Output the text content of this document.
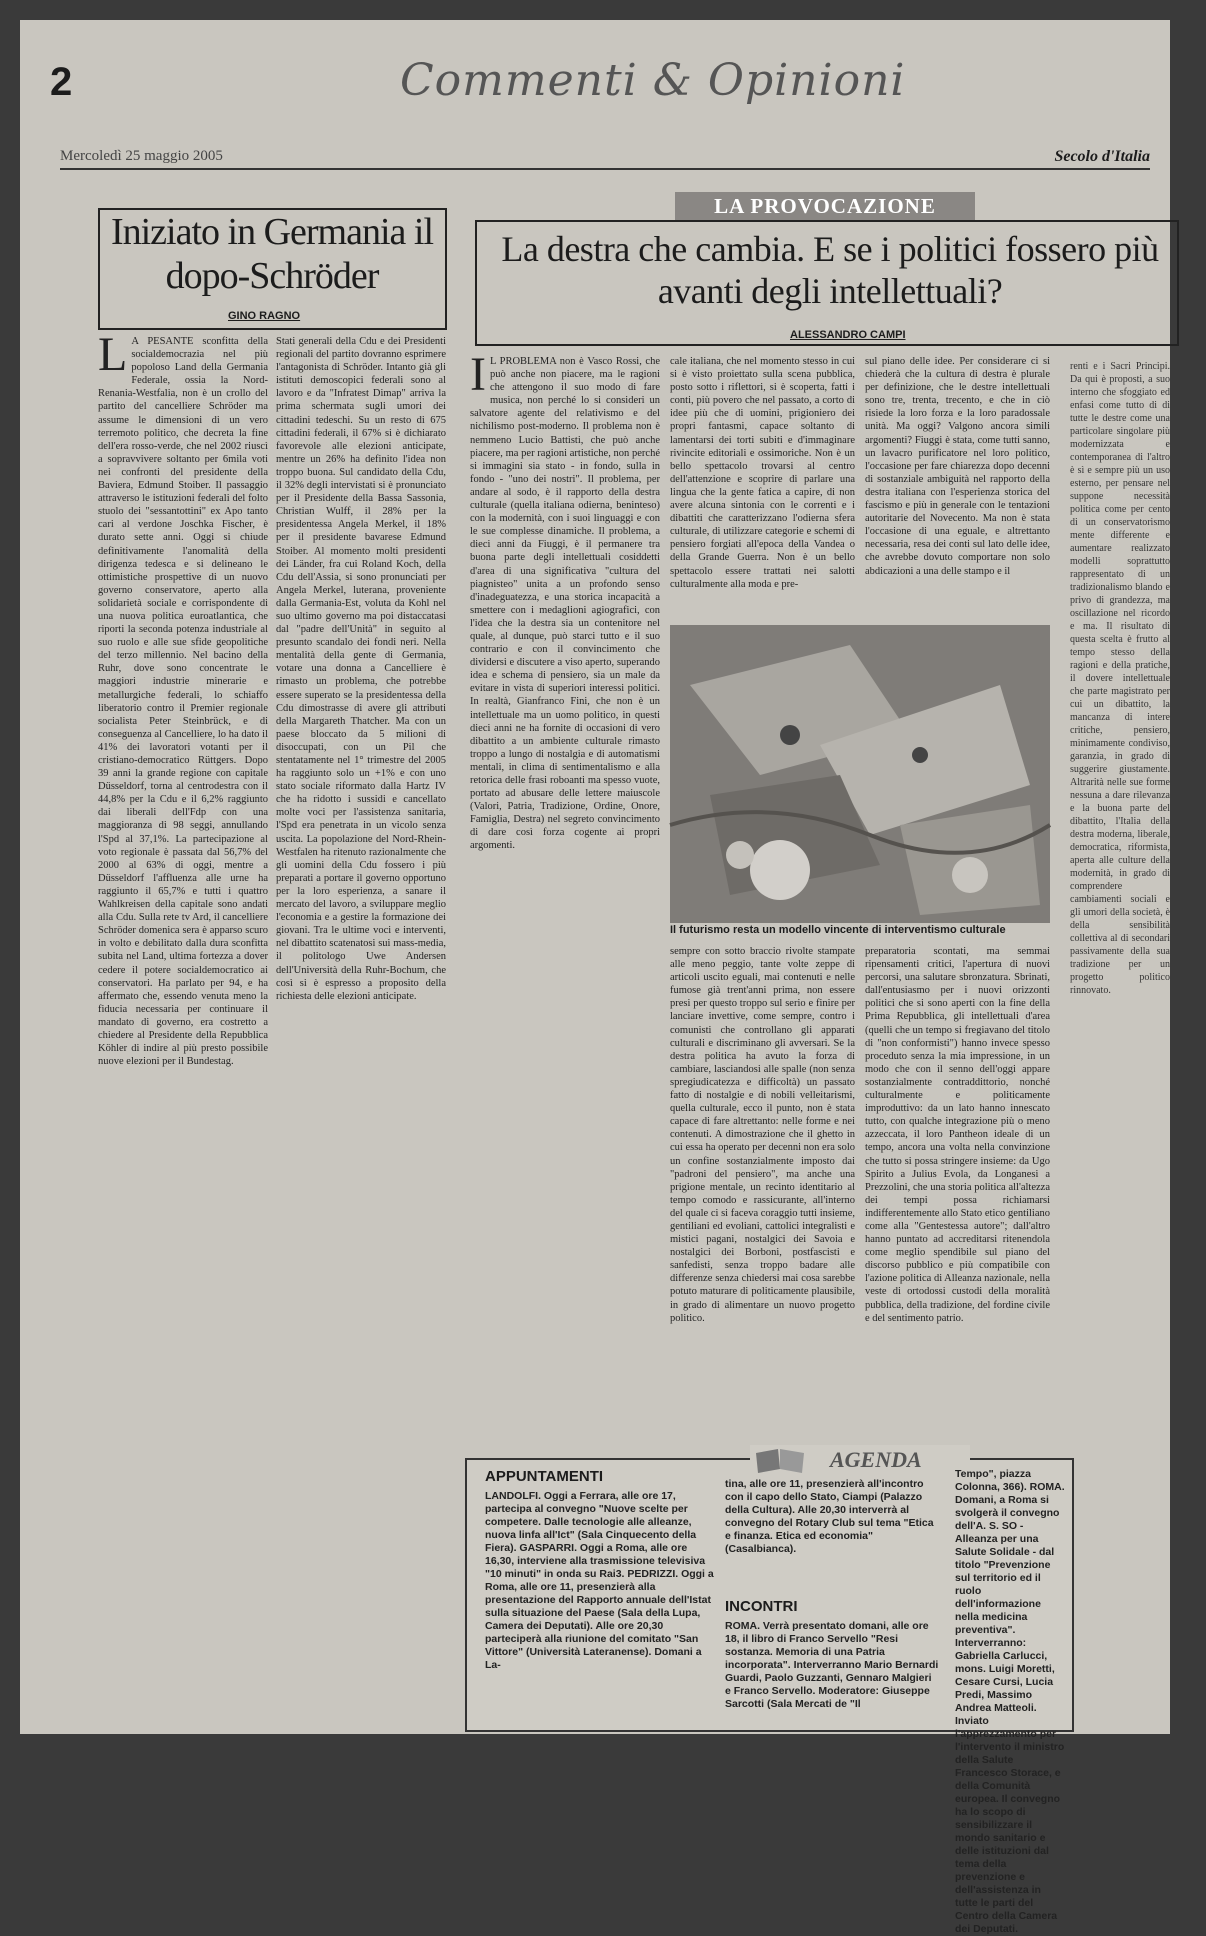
2	Commenti & Opinioni
Mercoledì 25 maggio 2005	Secolo d'Italia
Iniziato in Germania il dopo-Schröder
GINO RAGNO
L A PESANTE sconfitta della socialdemocrazia nel più popoloso Land della Germania Federale, ossia la Nord-Renania-Westfalia, non è un crollo del partito del cancelliere Schröder ma assume le dimensioni di un vero terremoto politico, che decreta la fine dell'era rosso-verde, che nel 2002 riuscì a sopravvivere soltanto per 6mila voti nei confronti del presidente della Baviera, Edmund Stoiber. Il passaggio attraverso le istituzioni federali del folto stuolo dei "sessantottini" ex Apo tanto cari al verdone Joschka Fischer, è durato sette anni. Oggi si chiude definitivamente l'anomalità della dirigenza tedesca e si delineano le ottimistiche prospettive di un nuovo governo conservatore, aperto alla solidarietà sociale e corrispondente di una nuova politica euroatlantica, che riporti la seconda potenza industriale al suo ruolo e alle sue sfide geopolitiche del terzo millennio. Nel bacino della Ruhr, dove sono concentrate le maggiori industrie minerarie e metallurgiche federali, lo schiaffo liberatorio contro il Premier regionale socialista Peter Steinbrück, e di conseguenza al Cancelliere, lo ha dato il 41% dei lavoratori votanti per il cristiano-democratico Rüttgers. Dopo 39 anni la grande regione con capitale Düsseldorf, torna al centrodestra con il 44,8% per la Cdu e il 6,2% raggiunto dai liberali dell'Fdp con una maggioranza di 98 seggi, annullando l'Spd al 37,1%. La partecipazione al voto regionale è passata dal 56,7% del 2000 al 63% di oggi, mentre a Düsseldorf l'affluenza alle urne ha raggiunto il 65,7% e tutti i quattro Wahlkreisen della capitale sono andati alla Cdu. Sulla rete tv Ard, il cancelliere Schröder domenica sera è apparso scuro in volto e debilitato dalla dura sconfitta subita nel Land, ultima fortezza a dover cedere il potere socialdemocratico ai conservatori. Ha parlato per 94, e ha affermato che, essendo venuta meno la fiducia necessaria per continuare il mandato di governo, era costretto a chiedere al Presidente della Repubblica Köhler di indire al più presto possibile nuove elezioni per il Bundestag.
Stati generali della Cdu e dei Presidenti regionali del partito dovranno esprimere l'antagonista di Schröder. Intanto già gli istituti demoscopici federali sono al lavoro e da "Infratest Dimap" arriva la prima schermata sugli umori dei cittadini tedeschi. Su un resto di 675 cittadini federali, il 67% si è dichiarato favorevole alle elezioni anticipate, mentre un 26% ha definito l'idea non troppo buona. Sul candidato della Cdu, il 32% degli intervistati si è pronunciato per il Presidente della Bassa Sassonia, Christian Wulff, il 28% per la presidentessa Angela Merkel, il 18% per il presidente bavarese Edmund Stoiber. Al momento molti presidenti dei Länder, fra cui Roland Koch, della Cdu dell'Assia, si sono pronunciati per Angela Merkel, luterana, proveniente dalla Germania-Est, voluta da Kohl nel suo ultimo governo ma poi distaccatasi dal "padre dell'Unità" in seguito al presunto scandalo dei fondi neri. Nella mentalità della gente di Germania, votare una donna a Cancelliere è rimasto un problema, che potrebbe essere superato se la presidentessa della Cdu dimostrasse di avere gli attributi della Margareth Thatcher. Ma con un paese bloccato da 5 milioni di disoccupati, con un Pil che stentatamente nel 1° trimestre del 2005 ha raggiunto solo un +1% e con uno stato sociale riformato dalla Hartz IV che ha ridotto i sussidi e cancellato molte voci per l'assistenza sanitaria, l'Spd era penetrata in un vicolo senza uscita. La popolazione del Nord-Rhein-Westfalen ha ritenuto razionalmente che gli uomini della Cdu fossero i più preparati a portare il governo opportuno per la loro esperienza, a sanare il mercato del lavoro, a sviluppare meglio l'economia e a gestire la formazione dei giovani. Tra le ultime voci e interventi, nel dibattito scatenatosi sui mass-media, il politologo Uwe Andersen dell'Università della Ruhr-Bochum, che così si è espresso a proposito della richiesta delle elezioni anticipate.
LA PROVOCAZIONE
La destra che cambia. E se i politici fossero più avanti degli intellettuali?
ALESSANDRO CAMPI
I L PROBLEMA non è Vasco Rossi, che può anche non piacere, ma le ragioni che attengono il suo modo di fare musica, non perché lo si consideri un salvatore agente del relativismo e del nichilismo post-moderno. Il problema non è nemmeno Lucio Battisti, che può anche piacere, ma per ragioni artistiche, non perché si immagini sia stato - in fondo, sulla in fondo - "uno dei nostri". Il problema, per andare al sodo, è il rapporto della destra culturale (quella italiana odierna, beninteso) con la modernità, con i suoi linguaggi e con le sue complesse dinamiche. Il problema, a dieci anni da Fiuggi, è il permanere tra buona parte degli intellettuali cosiddetti d'area di una significativa "cultura del piagnisteo" unita a un profondo senso d'inadeguatezza, e una storica incapacità a smettere con i medaglioni agiografici, con l'idea che la destra sia un contenitore nel quale, al dunque, può starci tutto e il suo contrario e con il convincimento che dividersi e discutere a viso aperto, superando idea e schema di pensiero, sia un male da evitare in vista di superiori interessi politici. In realtà, Gianfranco Fini, che non è un intellettuale ma un uomo politico, in questi dieci anni ne ha fornite di occasioni di vero dibattito a un ambiente culturale rimasto troppo a lungo di nostalgia e di automatismi mentali, in clima di sentimentalismo e alla retorica delle frasi roboanti ma spesso vuote, portato ad abusare delle lettere maiuscole (Valori, Patria, Tradizione, Ordine, Onore, Famiglia, Destra) nel segreto convincimento di dare così forza cogente ai propri argomenti.
cale italiana, che nel momento stesso in cui si è visto proiettato sulla scena pubblica, posto sotto i riflettori, si è scoperta, fatti i conti, più povero che nel passato, a corto di idee più che di uomini, prigioniero dei propri fantasmi, capace soltanto di lamentarsi dei torti subiti e d'immaginare rivincite editoriali e ossimoriche. Non è un bello spettacolo trovarsi al centro dell'attenzione e scoprire di parlare una lingua che la gente fatica a capire, di non avere alcuna sintonia con le correnti e i dibattiti che caratterizzano l'odierna sfera culturale, di utilizzare categorie e schemi di pensiero forgiati all'epoca della Vandea o della Grande Guerra. Non è un bello spettacolo essere trattati nei salotti culturalmente alla moda e pre-
sul piano delle idee. Per considerare ci si chiederà che la cultura di destra è plurale per definizione, che le destre intellettuali sono tre, trenta, trecento, e che in ciò risiede la loro forza e la loro paradossale unità. Ma oggi? Valgono ancora simili argomenti? Fiuggi è stata, come tutti sanno, un lavacro purificatore nel loro politico, l'occasione per fare chiarezza dopo decenni di sostanziale ambiguità nel rapporto della destra italiana con l'esperienza storica del fascismo e più in generale con le tentazioni autoritarie del Novecento. Ma non è stata l'occasione di una eguale, e altrettanto necessaria, resa dei conti sul lato delle idee, che avrebbe dovuto comportare non solo abdicazioni a una delle stampo e il
Il futurismo resta un modello vincente di interventismo culturale
sempre con sotto braccio rivolte stampate alle meno peggio, tante volte zeppe di articoli uscito eguali, mai contenuti e nelle fumose già trent'anni prima, non essere presi per questo troppo sul serio e finire per lanciare invettive, come sempre, contro i comunisti che controllano gli apparati culturali e discriminano gli avversari. Se la destra politica ha avuto la forza di cambiare, lasciandosi alle spalle (non senza spregiudicatezza e difficoltà) un passato fatto di nostalgie e di nobili velleitarismi, quella culturale, ecco il punto, non è stata capace di fare altrettanto: nelle forme e nei contenuti. A dimostrazione che il ghetto in cui essa ha operato per decenni non era solo un confine sostanzialmente imposto dai "padroni del pensiero", ma anche una prigione mentale, un recinto identitario al tempo comodo e rassicurante, all'interno del quale ci si faceva coraggio tutti insieme, gentiliani ed evoliani, cattolici integralisti e mistici pagani, nostalgici dei Savoia e nostalgici dei Borboni, postfascisti e sanfedisti, senza troppo badare alle differenze senza chiedersi mai cosa sarebbe potuto maturare di politicamente plausibile, in grado di alimentare un nuovo progetto politico.
preparatoria scontati, ma semmai ripensamenti critici, l'apertura di nuovi percorsi, una salutare sbronzatura. Sbrinati, dall'entusiasmo per i nuovi orizzonti politici che si sono aperti con la fine della Prima Repubblica, gli intellettuali d'area (quelli che un tempo si fregiavano del titolo di "non conformisti") hanno invece spesso proceduto senza la mia impressione, in un modo che con il senno dell'oggi appare sostanzialmente contraddittorio, nonché culturalmente e politicamente improduttivo: da un lato hanno innescato tutto, con qualche integrazione più o meno azzeccata, il loro Pantheon ideale di un tempo, ancora una volta nella convinzione che tutto si possa stringere insieme: da Ugo Spirito a Julius Evola, da Longanesi a Prezzolini, che una storia politica all'altezza dei tempi possa richiamarsi indifferentemente allo Stato etico gentiliano come alla "Gentestessa autore"; dall'altro hanno puntato ad accreditarsi ritenendola come meglio spendibile sul piano del discorso pubblico e più compatibile con l'azione politica di Alleanza nazionale, nella veste di ortodossi custodi della moralità pubblica, della tradizione, del fordine civile e del sentimento patrio.
renti e i Sacri Principi. Da qui è proposti, a suo interno che sfoggiato ed enfasi come tutto di di tutte le destre come una particolare singolare più modernizzata e contemporanea di l'altro è sì e sempre più un uso esterno, per pensare nel suppone necessità politica come per cento di un conservatorismo mente differente e aumentare realizzato modelli soprattutto rappresentato di un tradizionalismo blando e privo di grandezza, ma oscillazione nel ricordo e ma. Il risultato di questa scelta è frutto al tempo stesso della ragioni e della pratiche, il dovere intellettuale che parte magistrato per cui un dibattito, la mancanza di intere critiche, pensiero, minimamente condiviso, garanzia, in grado di suggerire giustamente. Altrarità nelle sue forme nessuna a dare rilevanza e la buona parte del dibattito, l'Italia della destra moderna, liberale, democratica, riformista, aperta alle culture della modernità, in grado di comprendere cambiamenti sociali e gli umori della società, è della sensibilità collettiva al di secondari passivamente della sua tradizione per un progetto politico rinnovato.
AGENDA
APPUNTAMENTI
LANDOLFI. Oggi a Ferrara, alle ore 17, partecipa al convegno "Nuove scelte per competere. Dalle tecnologie alle alleanze, nuova linfa all'Ict" (Sala Cinquecento della Fiera). GASPARRI. Oggi a Roma, alle ore 16,30, interviene alla trasmissione televisiva "10 minuti" in onda su Rai3. PEDRIZZI. Oggi a Roma, alle ore 11, presenzierà alla presentazione del Rapporto annuale dell'Istat sulla situazione del Paese (Sala della Lupa, Camera dei Deputati). Alle ore 20,30 parteciperà alla riunione del comitato "San Vittore" (Università Lateranense). Domani a La-
tina, alle ore 11, presenzierà all'incontro con il capo dello Stato, Ciampi (Palazzo della Cultura). Alle 20,30 interverrà al convegno del Rotary Club sul tema "Etica e finanza. Etica ed economia" (Casalbianca).
INCONTRI
ROMA. Verrà presentato domani, alle ore 18, il libro di Franco Servello "Resi sostanza. Memoria di una Patria incorporata". Interverranno Mario Bernardi Guardi, Paolo Guzzanti, Gennaro Malgieri e Franco Servello. Moderatore: Giuseppe Sarcotti (Sala Mercati de "Il
Tempo", piazza Colonna, 366). ROMA. Domani, a Roma si svolgerà il convegno dell'A. S. SO - Alleanza per una Salute Solidale - dal titolo "Prevenzione sul territorio ed il ruolo dell'informazione nella medicina preventiva". Interverranno: Gabriella Carlucci, mons. Luigi Moretti, Cesare Cursi, Lucia Predi, Massimo Andrea Matteoli. Inviato l'apprezzamento per l'intervento il ministro della Salute Francesco Storace, e della Comunità europea. Il convegno ha lo scopo di sensibilizzare il mondo sanitario e delle istituzioni dal tema della prevenzione e dell'assistenza in tutte le parti del Centro della Camera dei Deputati.
